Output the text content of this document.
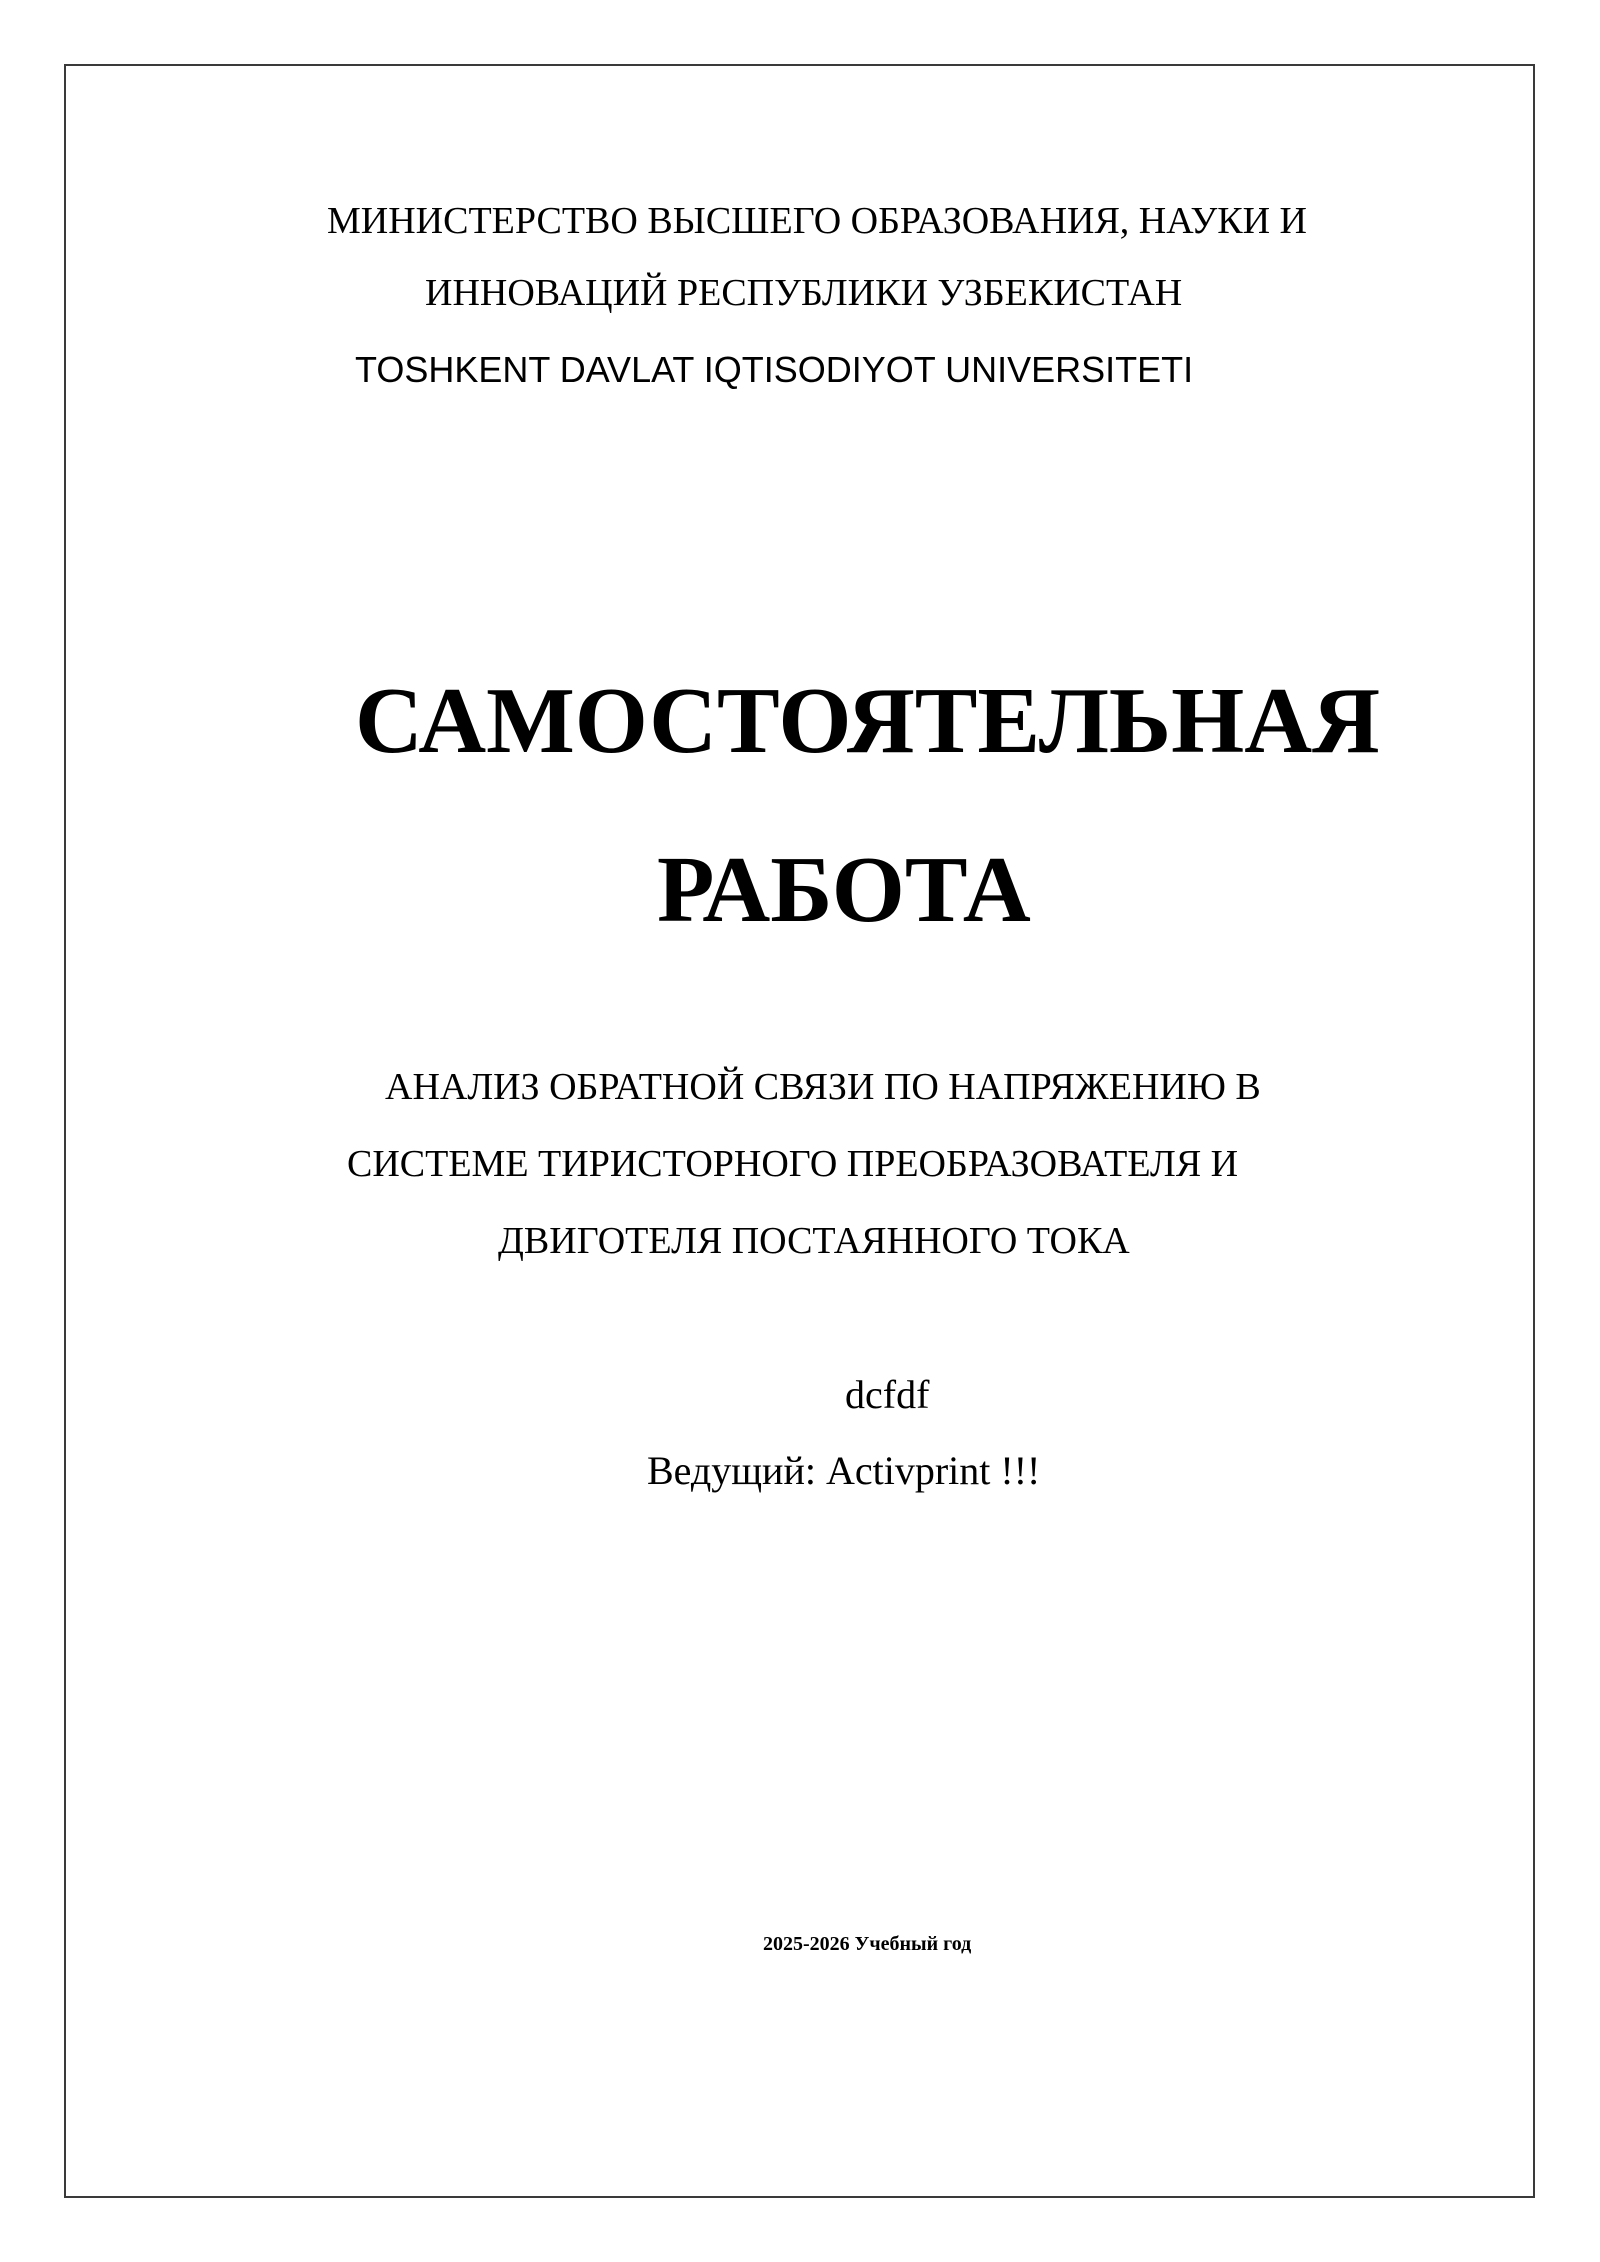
МИНИСТЕРСТВО ВЫСШЕГО ОБРАЗОВАНИЯ, НАУКИ И
ИННОВАЦИЙ РЕСПУБЛИКИ УЗБЕКИСТАН
TOSHKENT DAVLAT IQTISODIYOT UNIVERSITETI
САМОСТОЯТЕЛЬНАЯ
РАБОТА
АНАЛИЗ ОБРАТНОЙ СВЯЗИ ПО НАПРЯЖЕНИЮ В
СИСТЕМЕ ТИРИСТОРНОГО ПРЕОБРАЗОВАТЕЛЯ И
ДВИГОТЕЛЯ ПОСТАЯННОГО ТОКА
dcfdf
Ведущий: Activprint !!!
2025-2026 Учебный год
